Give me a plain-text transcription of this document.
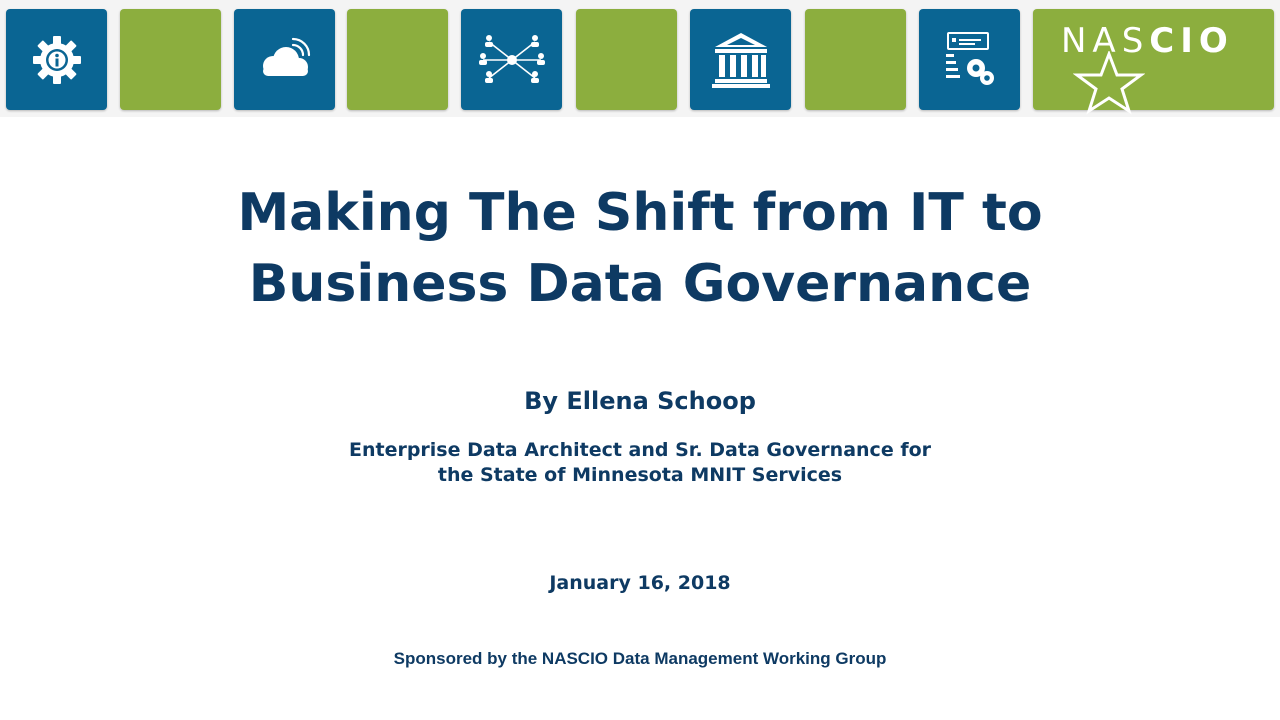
NASCIO
Making The Shift from IT to
Business Data Governance

By Ellena Schoop

Enterprise Data Architect and Sr. Data Governance for
the State of Minnesota MNIT Services

January 16, 2018

Sponsored by the NASCIO Data Management Working Group
